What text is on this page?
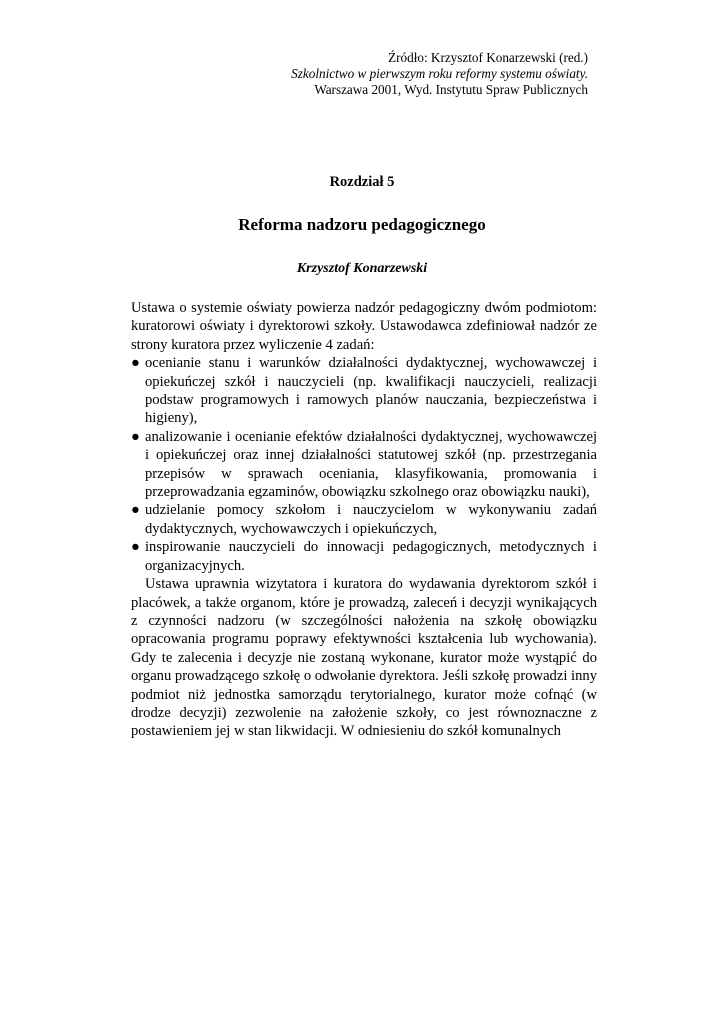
Źródło: Krzysztof Konarzewski (red.)
Szkolnictwo w pierwszym roku reformy systemu oświaty.
Warszawa 2001, Wyd. Instytutu Spraw Publicznych
Rozdział 5
Reforma nadzoru pedagogicznego
Krzysztof Konarzewski

Ustawa o systemie oświaty powierza nadzór pedagogiczny dwóm podmiotom: kuratorowi oświaty i dyrektorowi szkoły. Ustawodawca zdefiniował nadzór ze strony kuratora przez wyliczenie 4 zadań:

● ocenianie stanu i warunków działalności dydaktycznej, wychowawczej i opiekuńczej szkół i nauczycieli (np. kwalifikacji nauczycieli, realizacji podstaw programowych i ramowych planów nauczania, bezpieczeństwa i higieny),
● analizowanie i ocenianie efektów działalności dydaktycznej, wychowawczej i opiekuńczej oraz innej działalności statutowej szkół (np. przestrzegania przepisów w sprawach oceniania, klasyfikowania, promowania i przeprowadzania egzaminów, obowiązku szkolnego oraz obowiązku nauki),
● udzielanie pomocy szkołom i nauczycielom w wykonywaniu zadań dydaktycznych, wychowawczych i opiekuńczych,
● inspirowanie nauczycieli do innowacji pedagogicznych, metodycznych i organizacyjnych.

Ustawa uprawnia wizytatora i kuratora do wydawania dyrektorom szkół i placówek, a także organom, które je prowadzą, zaleceń i decyzji wynikających z czynności nadzoru (w szczególności nałożenia na szkołę obowiązku opracowania programu poprawy efektywności kształcenia lub wychowania). Gdy te zalecenia i decyzje nie zostaną wykonane, kurator może wystąpić do organu prowadzącego szkołę o odwołanie dyrektora. Jeśli szkołę prowadzi inny podmiot niż jednostka samorządu terytorialnego, kurator może cofnąć (w drodze decyzji) zezwolenie na założenie szkoły, co jest równoznaczne z postawieniem jej w stan likwidacji. W odniesieniu do szkół komunalnych
